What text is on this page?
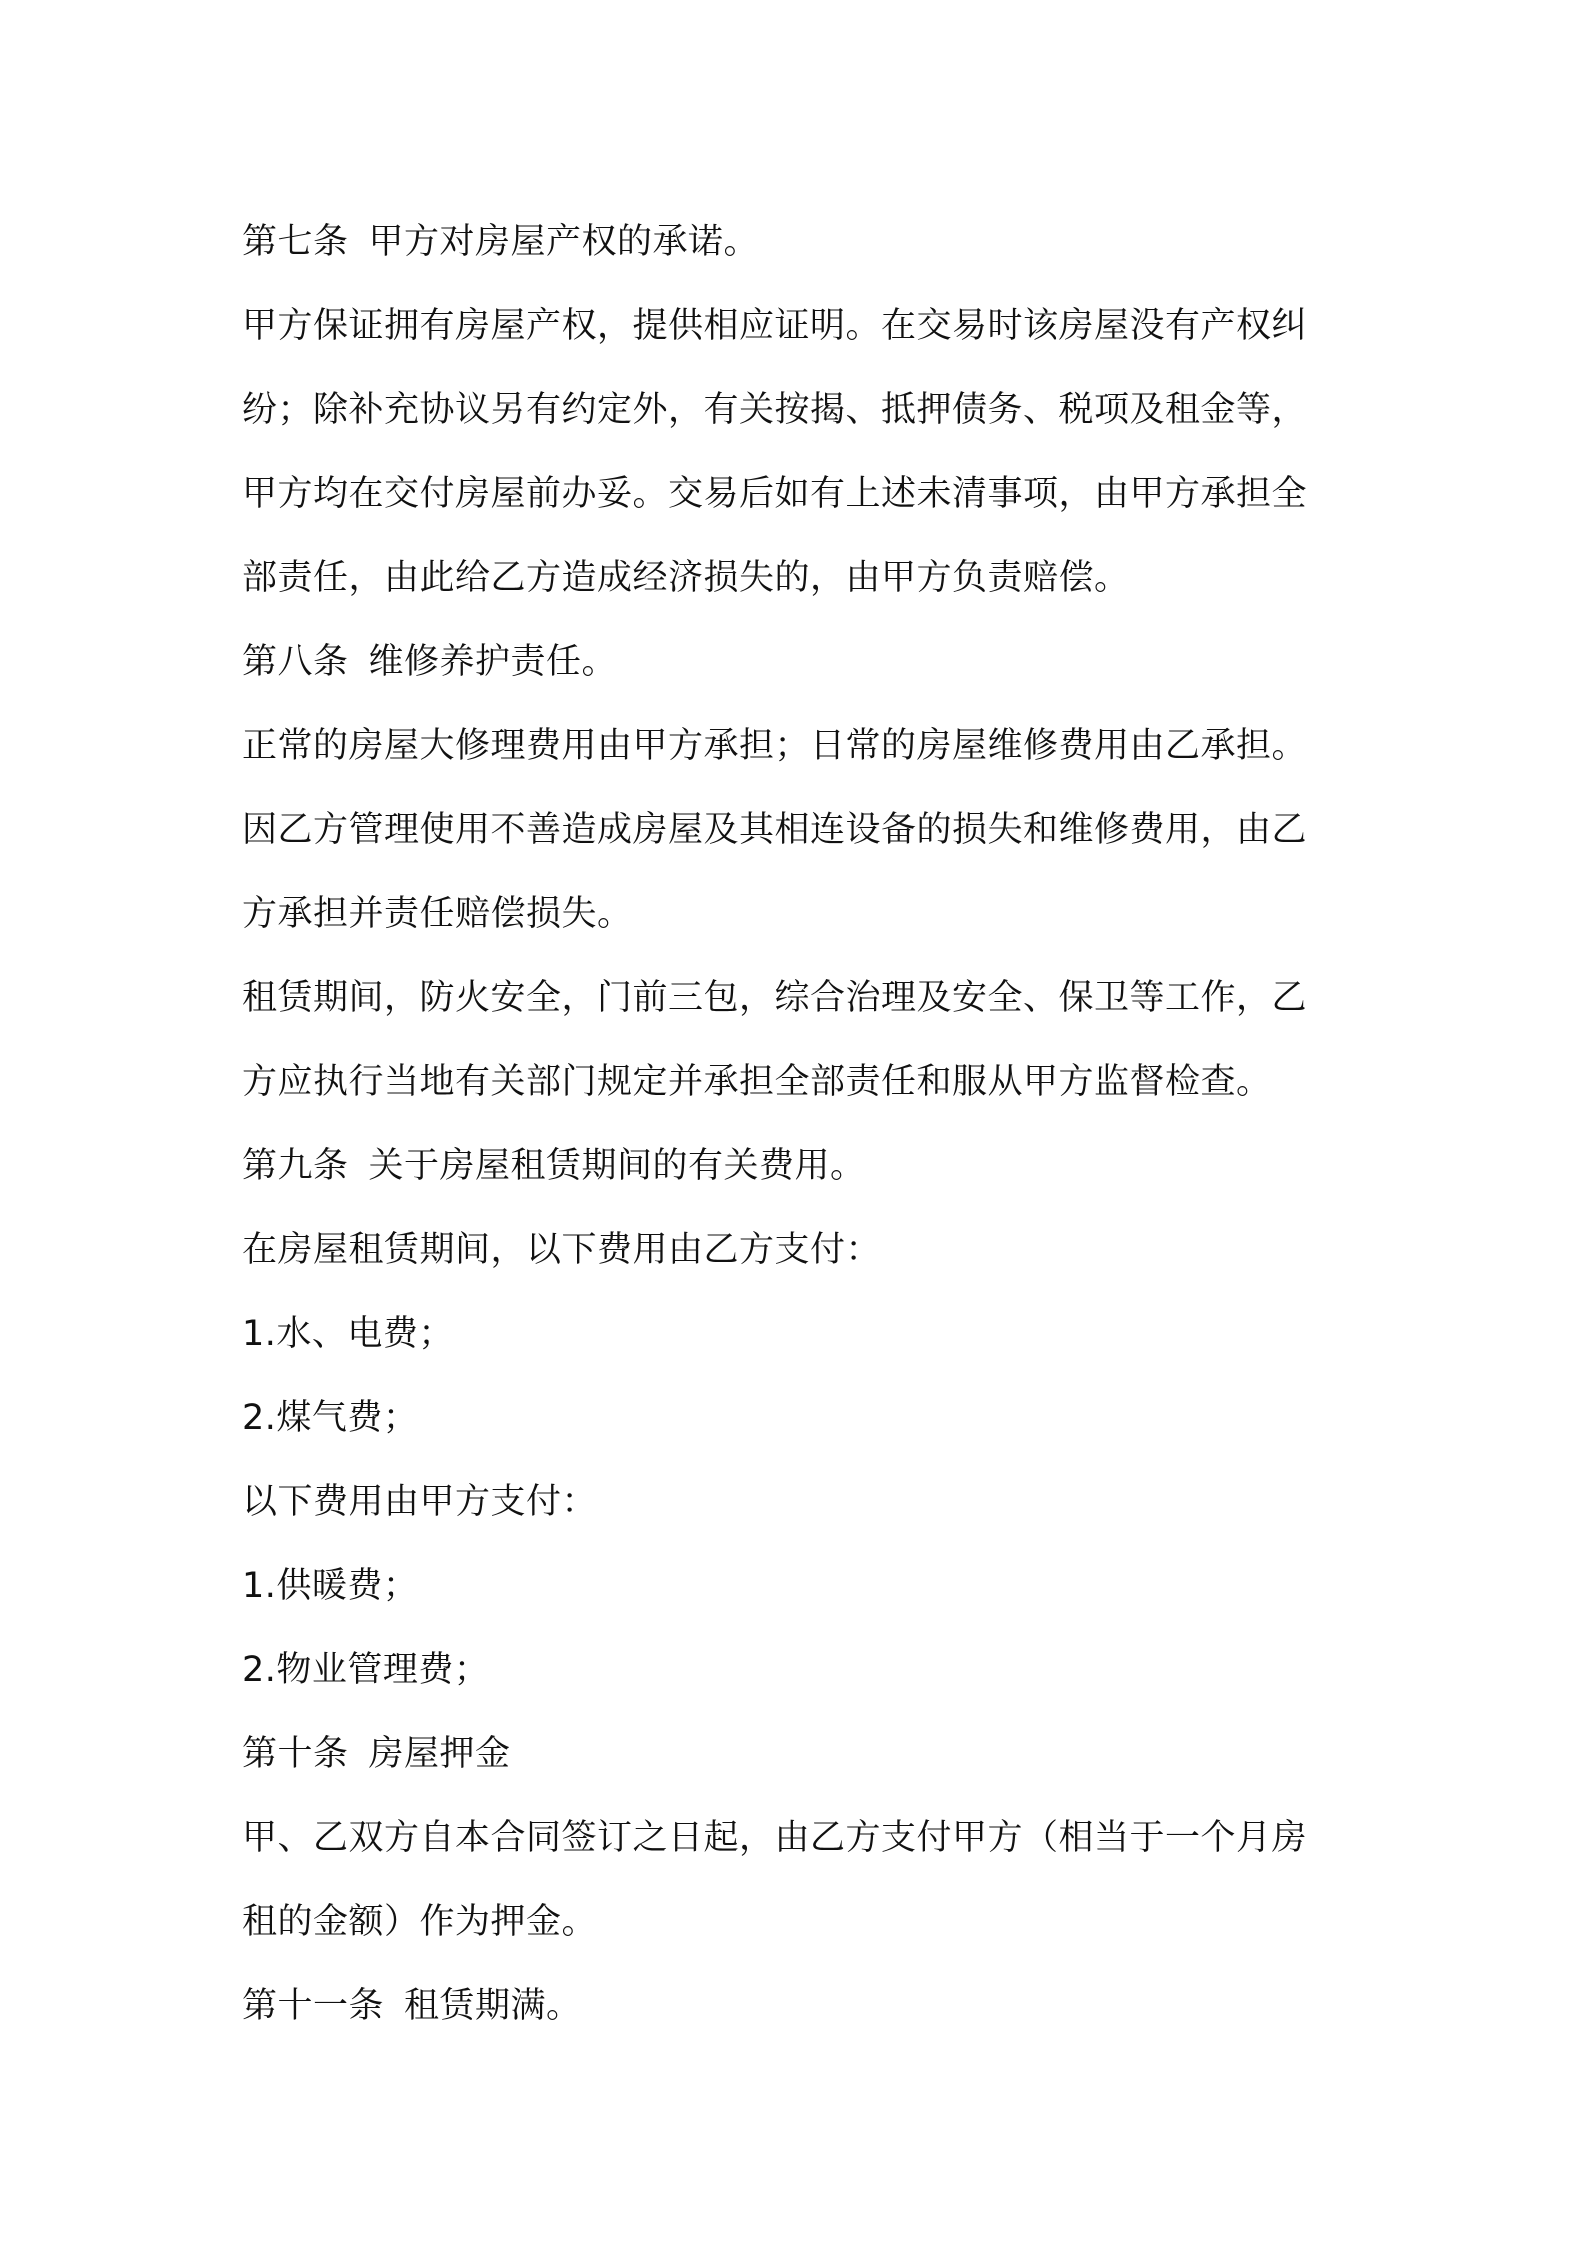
第七条 甲方对房屋产权的承诺。
甲方保证拥有房屋产权，提供相应证明。在交易时该房屋没有产权纠
纷；除补充协议另有约定外，有关按揭、抵押债务、税项及租金等，
甲方均在交付房屋前办妥。交易后如有上述未清事项，由甲方承担全
部责任，由此给乙方造成经济损失的，由甲方负责赔偿。
第八条 维修养护责任。
正常的房屋大修理费用由甲方承担；日常的房屋维修费用由乙承担。
因乙方管理使用不善造成房屋及其相连设备的损失和维修费用，由乙
方承担并责任赔偿损失。
租赁期间，防火安全，门前三包，综合治理及安全、保卫等工作，乙
方应执行当地有关部门规定并承担全部责任和服从甲方监督检查。
第九条 关于房屋租赁期间的有关费用。
在房屋租赁期间，以下费用由乙方支付：
1.水、电费；
2.煤气费；
以下费用由甲方支付：
1.供暖费；
2.物业管理费；
第十条 房屋押金
甲、乙双方自本合同签订之日起，由乙方支付甲方（相当于一个月房
租的金额）作为押金。
第十一条 租赁期满。
